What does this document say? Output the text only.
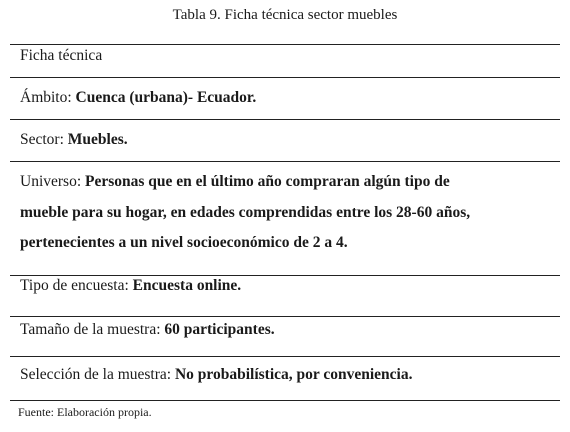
Tabla 9. Ficha técnica sector muebles
Ficha técnica
Ámbito: Cuenca (urbana)- Ecuador.
Sector: Muebles.
Universo: Personas que en el último año compraran algún tipo de
mueble para su hogar, en edades comprendidas entre los 28-60 años,
pertenecientes a un nivel socioeconómico de 2 a 4.
Tipo de encuesta: Encuesta online.
Tamaño de la muestra: 60 participantes.
Selección de la muestra: No probabilística, por conveniencia.
Fuente: Elaboración propia.
